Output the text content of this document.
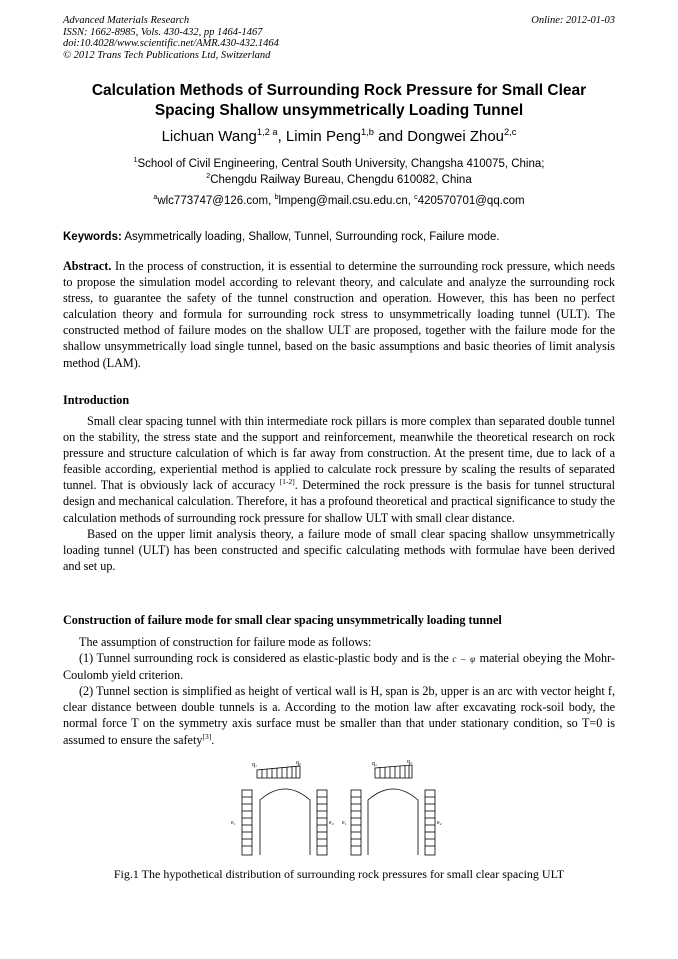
Advanced Materials Research
ISSN: 1662-8985, Vols. 430-432, pp 1464-1467
doi:10.4028/www.scientific.net/AMR.430-432.1464
© 2012 Trans Tech Publications Ltd, Switzerland
Online: 2012-01-03
Calculation Methods of Surrounding Rock Pressure for Small Clear
Spacing Shallow unsymmetrically Loading Tunnel
Lichuan Wang$^{1,2 a}$, Limin Peng$^{1,b}$ and Dongwei Zhou$^{2,c}$
$^1$School of Civil Engineering, Central South University, Changsha 410075, China;
$^2$Chengdu Railway Bureau, Chengdu 610082, China
$^a$wlc773747@126.com, $^b$lmpeng@mail.csu.edu.cn, $^c$420570701@qq.com
Keywords: Asymmetrically loading, Shallow, Tunnel, Surrounding rock, Failure mode.

Abstract. In the process of construction, it is essential to determine the surrounding rock pressure, which needs to propose the simulation model according to relevant theory, and calculate and analyze the surrounding rock stress, to guarantee the safety of the tunnel construction and operation. However, this has been no perfect calculation theory and formula for surrounding rock stress to unsymmetrically loading tunnel (ULT). The constructed method of failure modes on the shallow ULT are proposed, together with the failure mode for the shallow unsymmetrically load single tunnel, based on the basic assumptions and basic theories of limit analysis method (LAM).

Introduction

Small clear spacing tunnel with thin intermediate rock pillars is more complex than separated double tunnel on the stability, the stress state and the support and reinforcement, meanwhile the theoretical research on rock pressure and structure calculation of which is far away from construction. At the present time, due to lack of a feasible according, experiential method is applied to calculate rock pressure by scaling the results of separated tunnel. That is obviously lack of accuracy [1-2]. Determined the rock pressure is the basis for tunnel structural design and mechanical calculation. Therefore, it has a profound theoretical and practical significance to study the calculation methods of surrounding rock pressure for shallow ULT with small clear distance.

Based on the upper limit analysis theory, a failure mode of small clear spacing shallow unsymmetrically loading tunnel (ULT) has been constructed and specific calculating methods with formulae have been derived and set up.

Construction of failure mode for small clear spacing unsymmetrically loading tunnel

The assumption of construction for failure mode as follows:

(1) Tunnel surrounding rock is considered as elastic-plastic body and is the c – φ material obeying the Mohr-Coulomb yield criterion.

(2) Tunnel section is simplified as height of vertical wall is H, span is 2b, upper is an arc with vector height f, clear distance between double tunnels is a. According to the motion law after excavating rock-soil body, the normal force T on the symmetry axis surface must be smaller than that under stationary condition, so T=0 is assumed to ensure the safety[3].

q₁	q₂	q₁	q₂
e₁	e₂ e₁	e₂
Fig.1 The hypothetical distribution of surrounding rock pressures for small clear spacing ULT
